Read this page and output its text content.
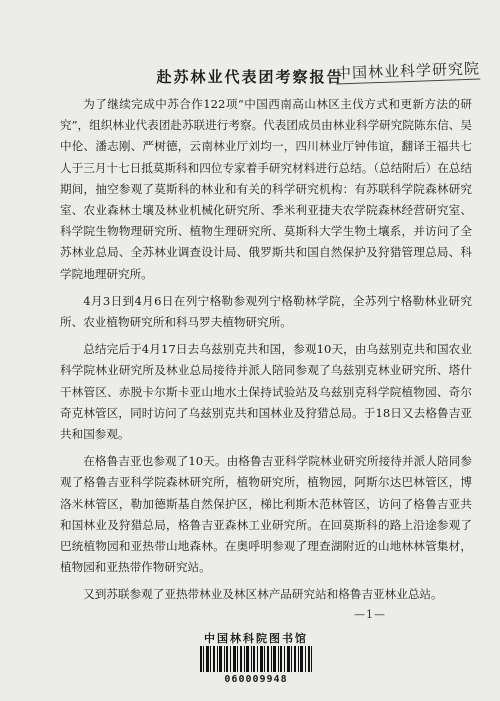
赴苏林业代表团考察报告
中国林业科学研究院

为了继续完成中苏合作122项“中国西南高山林区主伐方式和更新方法的研究”，组织林业代表团赴苏联进行考察。代表团成员由林业科学研究院陈东信、吴中伦、潘志刚、严树德，云南林业厅刘均一，四川林业厅钟伟谊，翻译王福共七人于三月十七日抵莫斯科和四位专家着手研究材料进行总结。（总结附后）在总结期间，抽空参观了莫斯科的林业和有关的科学研究机构：有苏联科学院森林研究室、农业森林土壤及林业机械化研究所、季米利亚捷夫农学院森林经营研究室、科学院生物物理研究所、植物生理研究所、莫斯科大学生物土壤系，并访问了全苏林业总局、全苏林业调查设计局、俄罗斯共和国自然保护及狩猎管理总局、科学院地理研究所。

4月3日到4月6日在列宁格勒参观列宁格勒林学院，全苏列宁格勒林业研究所、农业植物研究所和科马罗夫植物研究所。

总结完后于4月17日去乌兹别克共和国，参观10天，由乌兹别克共和国农业科学院林业研究所及林业总局接待并派人陪同参观了乌兹别克林业研究所、塔什干林管区、赤脱卡尔斯卡亚山地水土保持试验站及乌兹别克科学院植物园、奇尔奇克林管区，同时访问了乌兹别克共和国林业及狩猎总局。于18日又去格鲁吉亚共和国参观。

在格鲁吉亚也参观了10天。由格鲁吉亚科学院林业研究所接待并派人陪同参观了格鲁吉亚科学院森林研究所，植物研究所，植物园，阿斯尔达巴林管区，博洛米林管区，勒加德斯基自然保护区，梯比利斯木范林管区，访问了格鲁吉亚共和国林业及狩猎总局，格鲁吉亚森林工业研究所。在回莫斯科的路上沿途参观了巴统植物园和亚热带山地森林。在奥呼明参观了理查湖附近的山地林林管集材，植物园和亚热带作物研究站。

又到苏联参观了亚热带林业及林区林产品研究站和格鲁吉亚林业总站。

—1—
中国林科院图书馆
060009948
